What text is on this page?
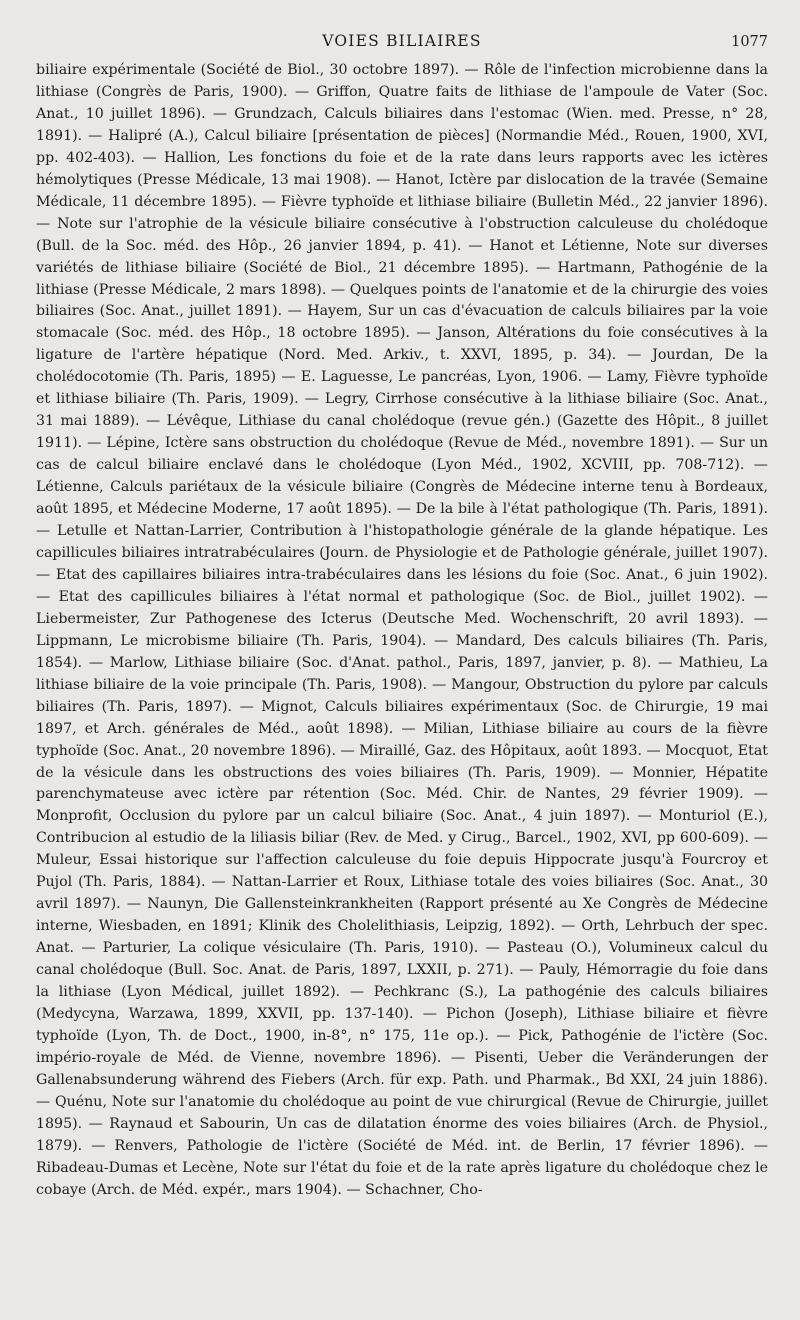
VOIES BILIAIRES	1077

biliaire expérimentale (Société de Biol., 30 octobre 1897). — Rôle de l'infection microbienne dans la lithiase (Congrès de Paris, 1900). — Griffon, Quatre faits de lithiase de l'ampoule de Vater (Soc. Anat., 10 juillet 1896). — Grundzach, Calculs biliaires dans l'estomac (Wien. med. Presse, n° 28, 1891). — Halipré (A.), Calcul biliaire [présentation de pièces] (Normandie Méd., Rouen, 1900, XVI, pp. 402-403). — Hallion, Les fonctions du foie et de la rate dans leurs rapports avec les ictères hémolytiques (Presse Médicale, 13 mai 1908). — Hanot, Ictère par dislocation de la travée (Semaine Médicale, 11 décembre 1895). — Fièvre typhoïde et lithiase biliaire (Bulletin Méd., 22 janvier 1896). — Note sur l'atrophie de la vésicule biliaire consécutive à l'obstruction calculeuse du cholédoque (Bull. de la Soc. méd. des Hôp., 26 janvier 1894, p. 41). — Hanot et Létienne, Note sur diverses variétés de lithiase biliaire (Société de Biol., 21 décembre 1895). — Hartmann, Pathogénie de la lithiase (Presse Médicale, 2 mars 1898). — Quelques points de l'anatomie et de la chirurgie des voies biliaires (Soc. Anat., juillet 1891). — Hayem, Sur un cas d'évacuation de calculs biliaires par la voie stomacale (Soc. méd. des Hôp., 18 octobre 1895). — Janson, Altérations du foie consécutives à la ligature de l'artère hépatique (Nord. Med. Arkiv., t. XXVI, 1895, p. 34). — Jourdan, De la cholédocotomie (Th. Paris, 1895) — E. Laguesse, Le pancréas, Lyon, 1906. — Lamy, Fièvre typhoïde et lithiase biliaire (Th. Paris, 1909). — Legry, Cirrhose consécutive à la lithiase biliaire (Soc. Anat., 31 mai 1889). — Lévêque, Lithiase du canal cholédoque (revue gén.) (Gazette des Hôpit., 8 juillet 1911). — Lépine, Ictère sans obstruction du cholédoque (Revue de Méd., novembre 1891). — Sur un cas de calcul biliaire enclavé dans le cholédoque (Lyon Méd., 1902, XCVIII, pp. 708-712). — Létienne, Calculs pariétaux de la vésicule biliaire (Congrès de Médecine interne tenu à Bordeaux, août 1895, et Médecine Moderne, 17 août 1895). — De la bile à l'état pathologique (Th. Paris, 1891). — Letulle et Nattan-Larrier, Contribution à l'histopathologie générale de la glande hépatique. Les capillicules biliaires intratrabéculaires (Journ. de Physiologie et de Pathologie générale, juillet 1907). — Etat des capillaires biliaires intra-trabéculaires dans les lésions du foie (Soc. Anat., 6 juin 1902). — Etat des capillicules biliaires à l'état normal et pathologique (Soc. de Biol., juillet 1902). — Liebermeister, Zur Pathogenese des Icterus (Deutsche Med. Wochenschrift, 20 avril 1893). — Lippmann, Le microbisme biliaire (Th. Paris, 1904). — Mandard, Des calculs biliaires (Th. Paris, 1854). — Marlow, Lithiase biliaire (Soc. d'Anat. pathol., Paris, 1897, janvier, p. 8). — Mathieu, La lithiase biliaire de la voie principale (Th. Paris, 1908). — Mangour, Obstruction du pylore par calculs biliaires (Th. Paris, 1897). — Mignot, Calculs biliaires expérimentaux (Soc. de Chirurgie, 19 mai 1897, et Arch. générales de Méd., août 1898). — Milian, Lithiase biliaire au cours de la fièvre typhoïde (Soc. Anat., 20 novembre 1896). — Miraillé, Gaz. des Hôpitaux, août 1893. — Mocquot, Etat de la vésicule dans les obstructions des voies biliaires (Th. Paris, 1909). — Monnier, Hépatite parenchymateuse avec ictère par rétention (Soc. Méd. Chir. de Nantes, 29 février 1909). — Monprofit, Occlusion du pylore par un calcul biliaire (Soc. Anat., 4 juin 1897). — Monturiol (E.), Contribucion al estudio de la liliasis biliar (Rev. de Med. y Cirug., Barcel., 1902, XVI, pp 600-609). — Muleur, Essai historique sur l'affection calculeuse du foie depuis Hippocrate jusqu'à Fourcroy et Pujol (Th. Paris, 1884). — Nattan-Larrier et Roux, Lithiase totale des voies biliaires (Soc. Anat., 30 avril 1897). — Naunyn, Die Gallensteinkrankheiten (Rapport présenté au Xe Congrès de Médecine interne, Wiesbaden, en 1891; Klinik des Cholelithiasis, Leipzig, 1892). — Orth, Lehrbuch der spec. Anat. — Parturier, La colique vésiculaire (Th. Paris, 1910). — Pasteau (O.), Volumineux calcul du canal cholédoque (Bull. Soc. Anat. de Paris, 1897, LXXII, p. 271). — Pauly, Hémorragie du foie dans la lithiase (Lyon Médical, juillet 1892). — Pechkranc (S.), La pathogénie des calculs biliaires (Medycyna, Warzawa, 1899, XXVII, pp. 137-140). — Pichon (Joseph), Lithiase biliaire et fièvre typhoïde (Lyon, Th. de Doct., 1900, in-8°, n° 175, 11e op.). — Pick, Pathogénie de l'ictère (Soc. império-royale de Méd. de Vienne, novembre 1896). — Pisenti, Ueber die Veränderungen der Gallenabsunderung während des Fiebers (Arch. für exp. Path. und Pharmak., Bd XXI, 24 juin 1886). — Quénu, Note sur l'anatomie du cholédoque au point de vue chirurgical (Revue de Chirurgie, juillet 1895). — Raynaud et Sabourin, Un cas de dilatation énorme des voies biliaires (Arch. de Physiol., 1879). — Renvers, Pathologie de l'ictère (Société de Méd. int. de Berlin, 17 février 1896). — Ribadeau-Dumas et Lecène, Note sur l'état du foie et de la rate après ligature du cholédoque chez le cobaye (Arch. de Méd. expér., mars 1904). — Schachner, Cho-
